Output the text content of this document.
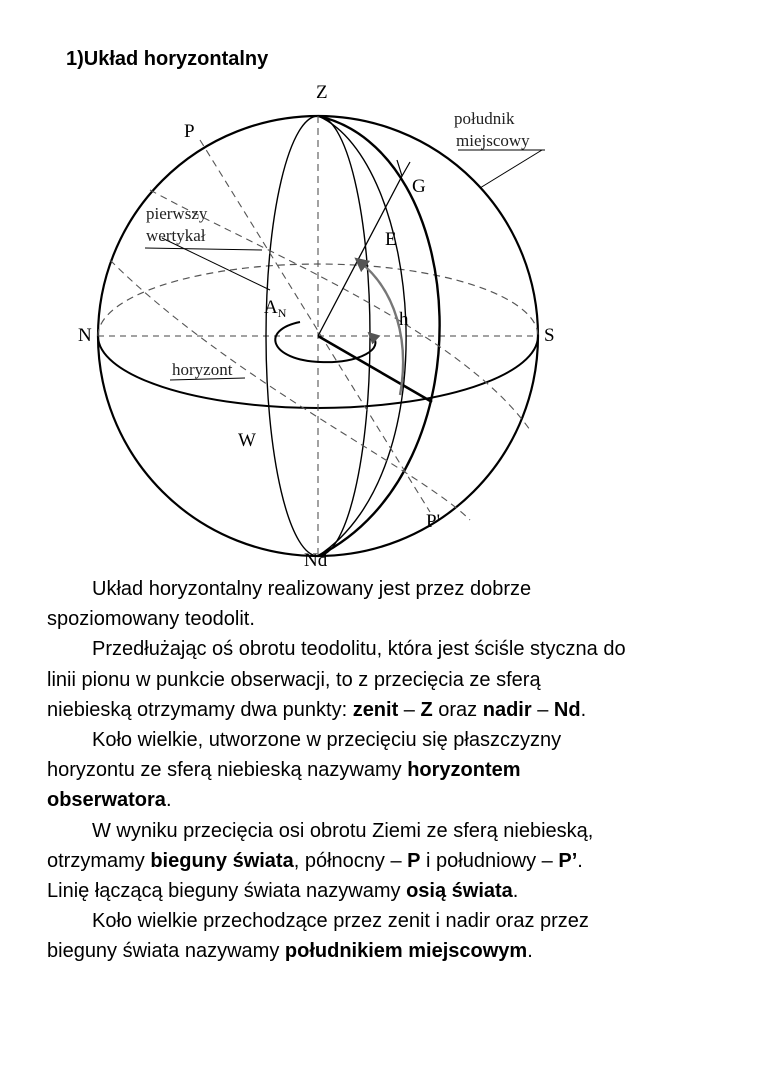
1)Układ horyzontalny
Z
Nd
N	S
P
P'
E
W
G
h
$A_N$
południk
miejscowy
pierwszy
wertykał
horyzont
Układ horyzontalny realizowany jest przez dobrze
spoziomowany teodolit.
Przedłużając oś obrotu teodolitu, która jest ściśle styczna do
linii pionu w punkcie obserwacji, to z przecięcia ze sferą
niebieską otrzymamy dwa punkty: zenit – Z oraz nadir – Nd.
Koło wielkie, utworzone w przecięciu się płaszczyzny
horyzontu ze sferą niebieską nazywamy horyzontem
obserwatora.
W wyniku przecięcia osi obrotu Ziemi ze sferą niebieską,
otrzymamy bieguny świata, północny – P i południowy – P’.
Linię łączącą bieguny świata nazywamy osią świata.
Koło wielkie przechodzące przez zenit i nadir oraz przez
bieguny świata nazywamy południkiem miejscowym.
